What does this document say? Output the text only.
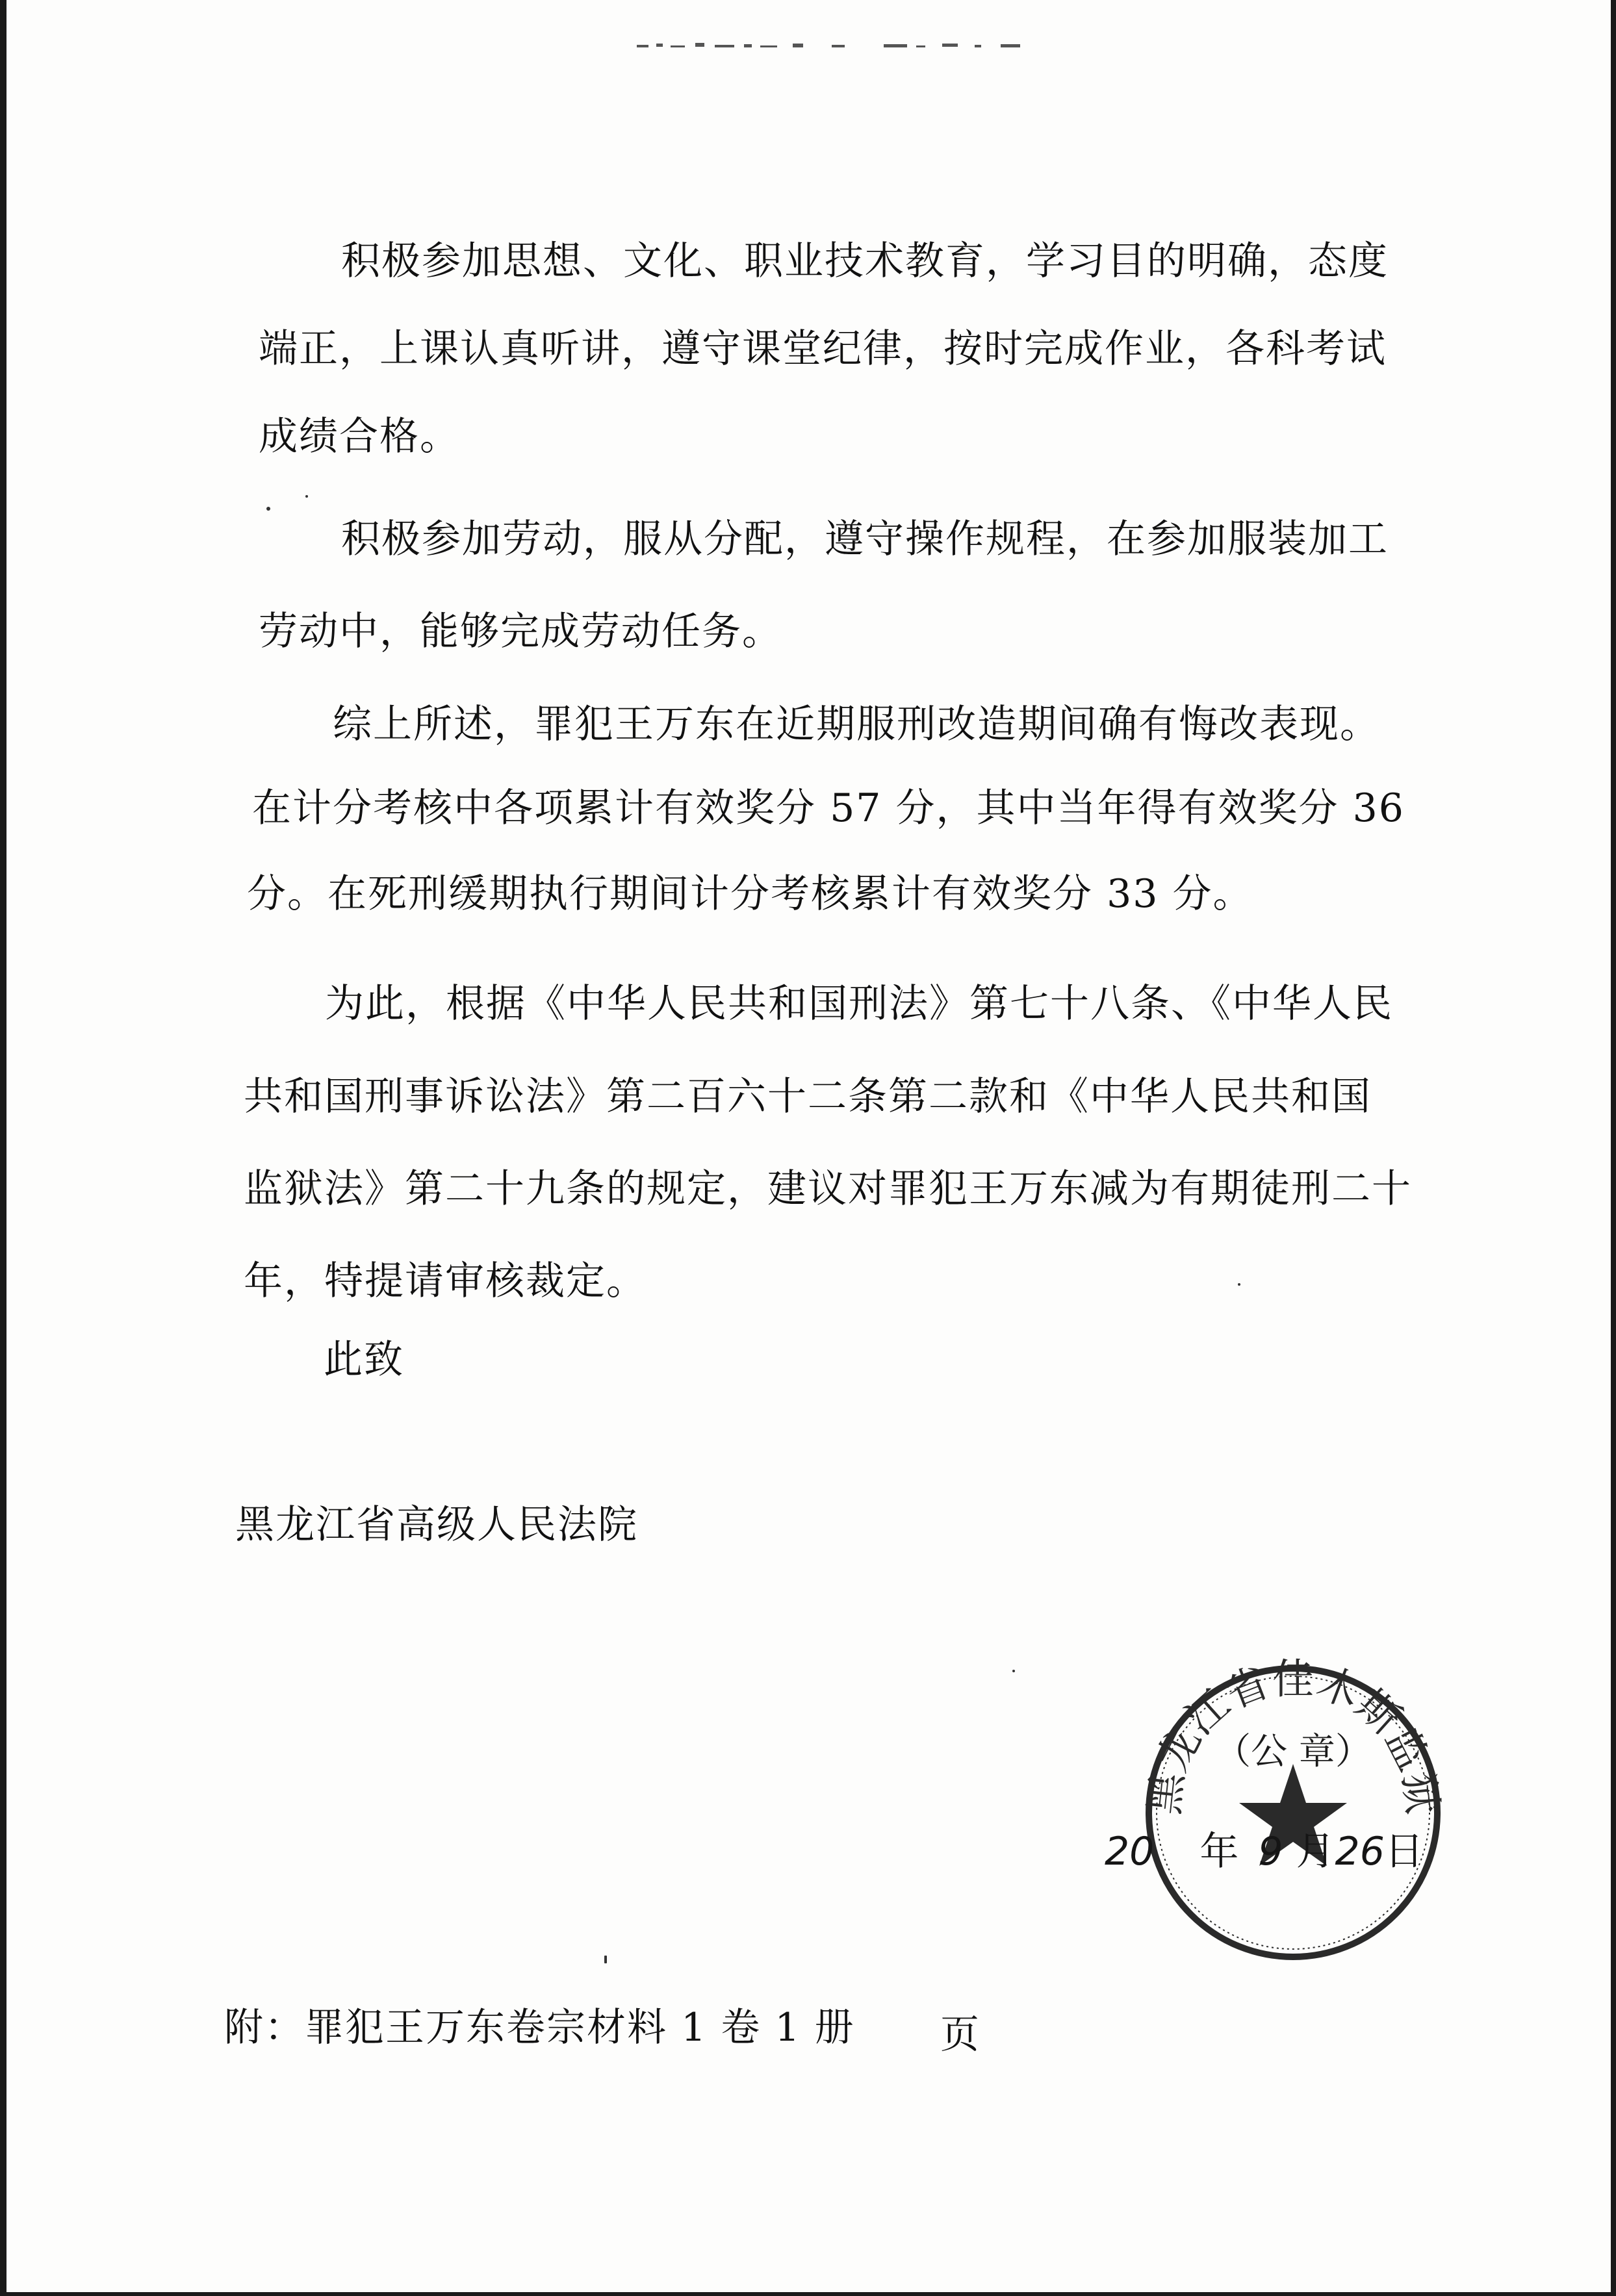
积极参加思想、文化、职业技术教育，学习目的明确，态度
端正，上课认真听讲，遵守课堂纪律，按时完成作业，各科考试
成绩合格。
积极参加劳动，服从分配，遵守操作规程，在参加服装加工
劳动中，能够完成劳动任务。
综上所述，罪犯王万东在近期服刑改造期间确有悔改表现。
在计分考核中各项累计有效奖分 57 分，其中当年得有效奖分 36
分。在死刑缓期执行期间计分考核累计有效奖分 33 分。
为此，根据《中华人民共和国刑法》第七十八条、《中华人民
共和国刑事诉讼法》第二百六十二条第二款和《中华人民共和国
监狱法》第二十九条的规定，建议对罪犯王万东减为有期徒刑二十
年，特提请审核裁定。
此致
黑龙江省高级人民法院
黑龙江省佳木斯监狱
（公 章）
20 年 9 月26日
附：罪犯王万东卷宗材料 1 卷 1 册 页
